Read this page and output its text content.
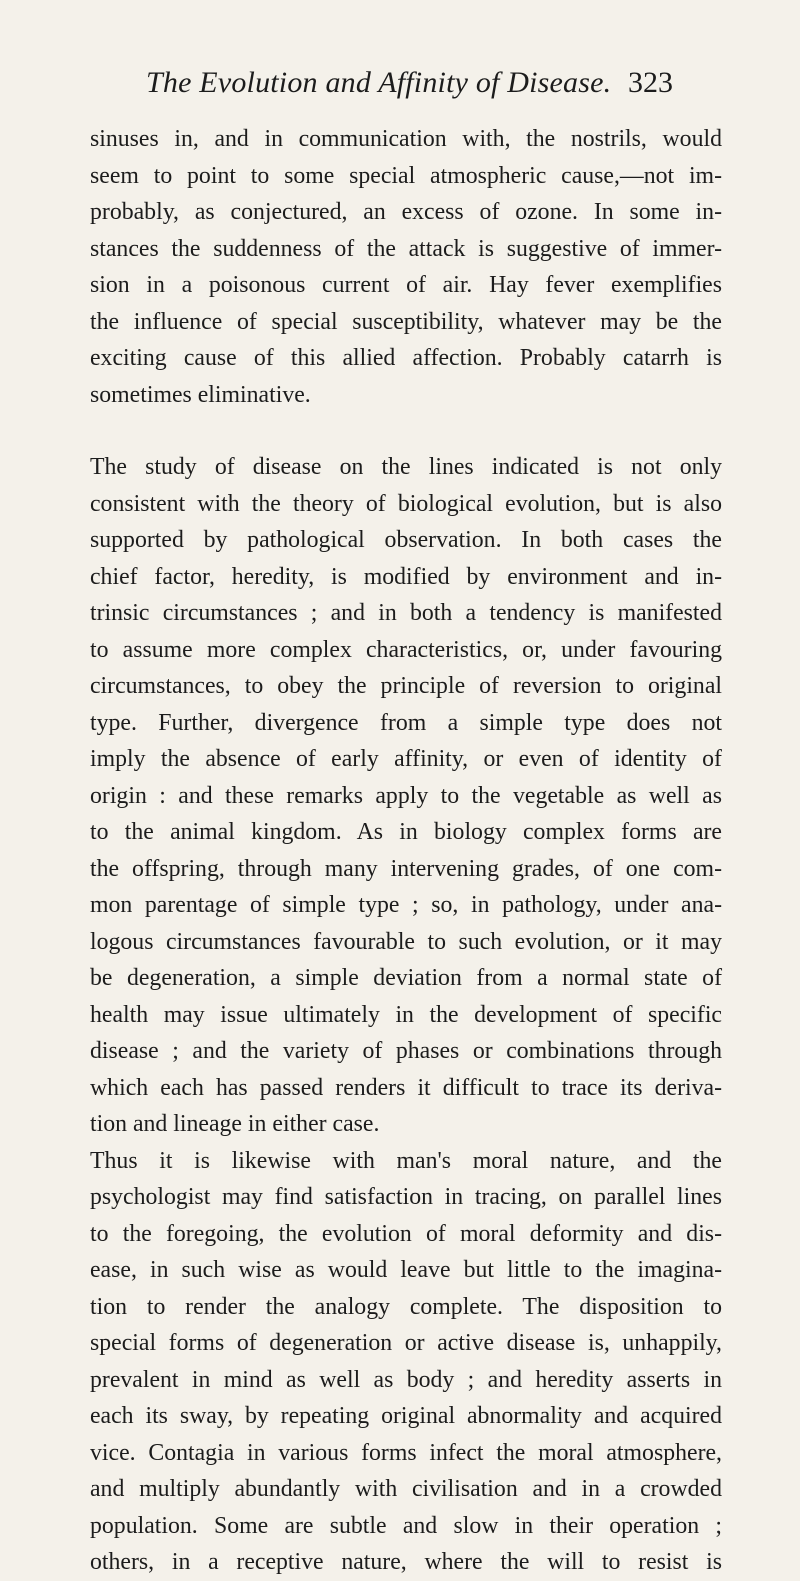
The Evolution and Affinity of Disease. 323
sinuses in, and in communication with, the nostrils, would
seem to point to some special atmospheric cause,—not im-
probably, as conjectured, an excess of ozone. In some in-
stances the suddenness of the attack is suggestive of immer-
sion in a poisonous current of air. Hay fever exemplifies
the influence of special susceptibility, whatever may be the
exciting cause of this allied affection. Probably catarrh is
sometimes eliminative.
The study of disease on the lines indicated is not only
consistent with the theory of biological evolution, but is also
supported by pathological observation. In both cases the
chief factor, heredity, is modified by environment and in-
trinsic circumstances ; and in both a tendency is manifested
to assume more complex characteristics, or, under favouring
circumstances, to obey the principle of reversion to original
type. Further, divergence from a simple type does not
imply the absence of early affinity, or even of identity of
origin : and these remarks apply to the vegetable as well as
to the animal kingdom. As in biology complex forms are
the offspring, through many intervening grades, of one com-
mon parentage of simple type ; so, in pathology, under ana-
logous circumstances favourable to such evolution, or it may
be degeneration, a simple deviation from a normal state of
health may issue ultimately in the development of specific
disease ; and the variety of phases or combinations through
which each has passed renders it difficult to trace its deriva-
tion and lineage in either case.
Thus it is likewise with man's moral nature, and the
psychologist may find satisfaction in tracing, on parallel lines
to the foregoing, the evolution of moral deformity and dis-
ease, in such wise as would leave but little to the imagina-
tion to render the analogy complete. The disposition to
special forms of degeneration or active disease is, unhappily,
prevalent in mind as well as body ; and heredity asserts in
each its sway, by repeating original abnormality and acquired
vice. Contagia in various forms infect the moral atmosphere,
and multiply abundantly with civilisation and in a crowded
population. Some are subtle and slow in their operation ;
others, in a receptive nature, where the will to resist is
